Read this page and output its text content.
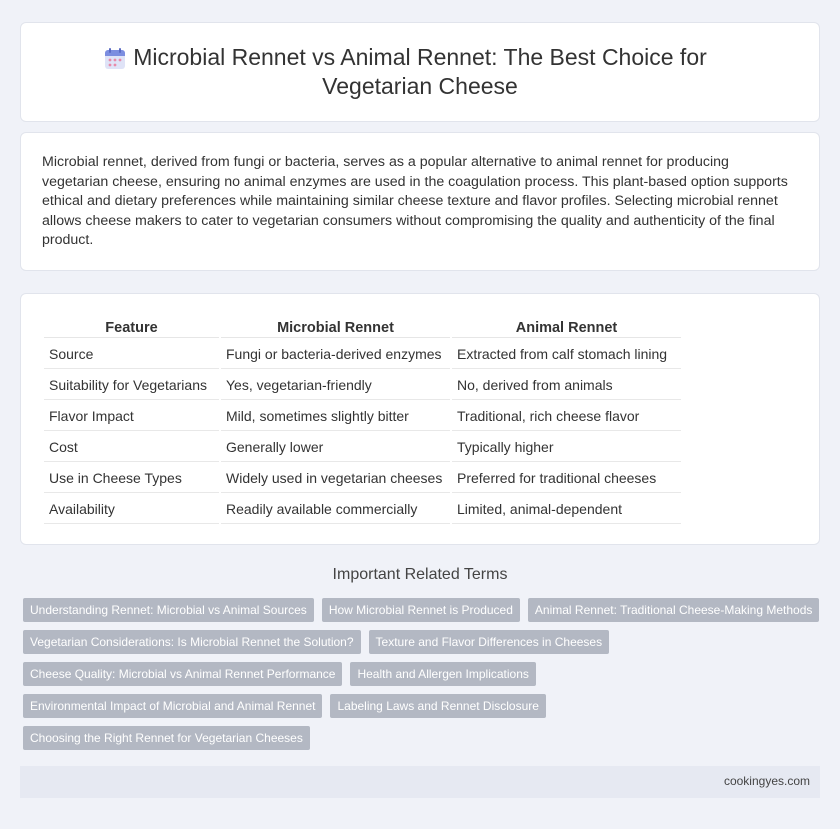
Microbial Rennet vs Animal Rennet: The Best Choice for Vegetarian Cheese

Microbial rennet, derived from fungi or bacteria, serves as a popular alternative to animal rennet for producing vegetarian cheese, ensuring no animal enzymes are used in the coagulation process. This plant-based option supports ethical and dietary preferences while maintaining similar cheese texture and flavor profiles. Selecting microbial rennet allows cheese makers to cater to vegetarian consumers without compromising the quality and authenticity of the final product.

Feature	Microbial Rennet	Animal Rennet
Source	Fungi or bacteria-derived enzymes	Extracted from calf stomach lining
Suitability for Vegetarians	Yes, vegetarian-friendly	No, derived from animals
Flavor Impact	Mild, sometimes slightly bitter	Traditional, rich cheese flavor
Cost	Generally lower	Typically higher
Use in Cheese Types	Widely used in vegetarian cheeses	Preferred for traditional cheeses
Availability	Readily available commercially	Limited, animal-dependent
Important Related Terms
Understanding Rennet: Microbial vs Animal Sources	How Microbial Rennet is Produced	Animal Rennet: Traditional Cheese-Making Methods
Vegetarian Considerations: Is Microbial Rennet the Solution?	Texture and Flavor Differences in Cheeses
Cheese Quality: Microbial vs Animal Rennet Performance	Health and Allergen Implications
Environmental Impact of Microbial and Animal Rennet	Labeling Laws and Rennet Disclosure
Choosing the Right Rennet for Vegetarian Cheeses
cookingyes.com
